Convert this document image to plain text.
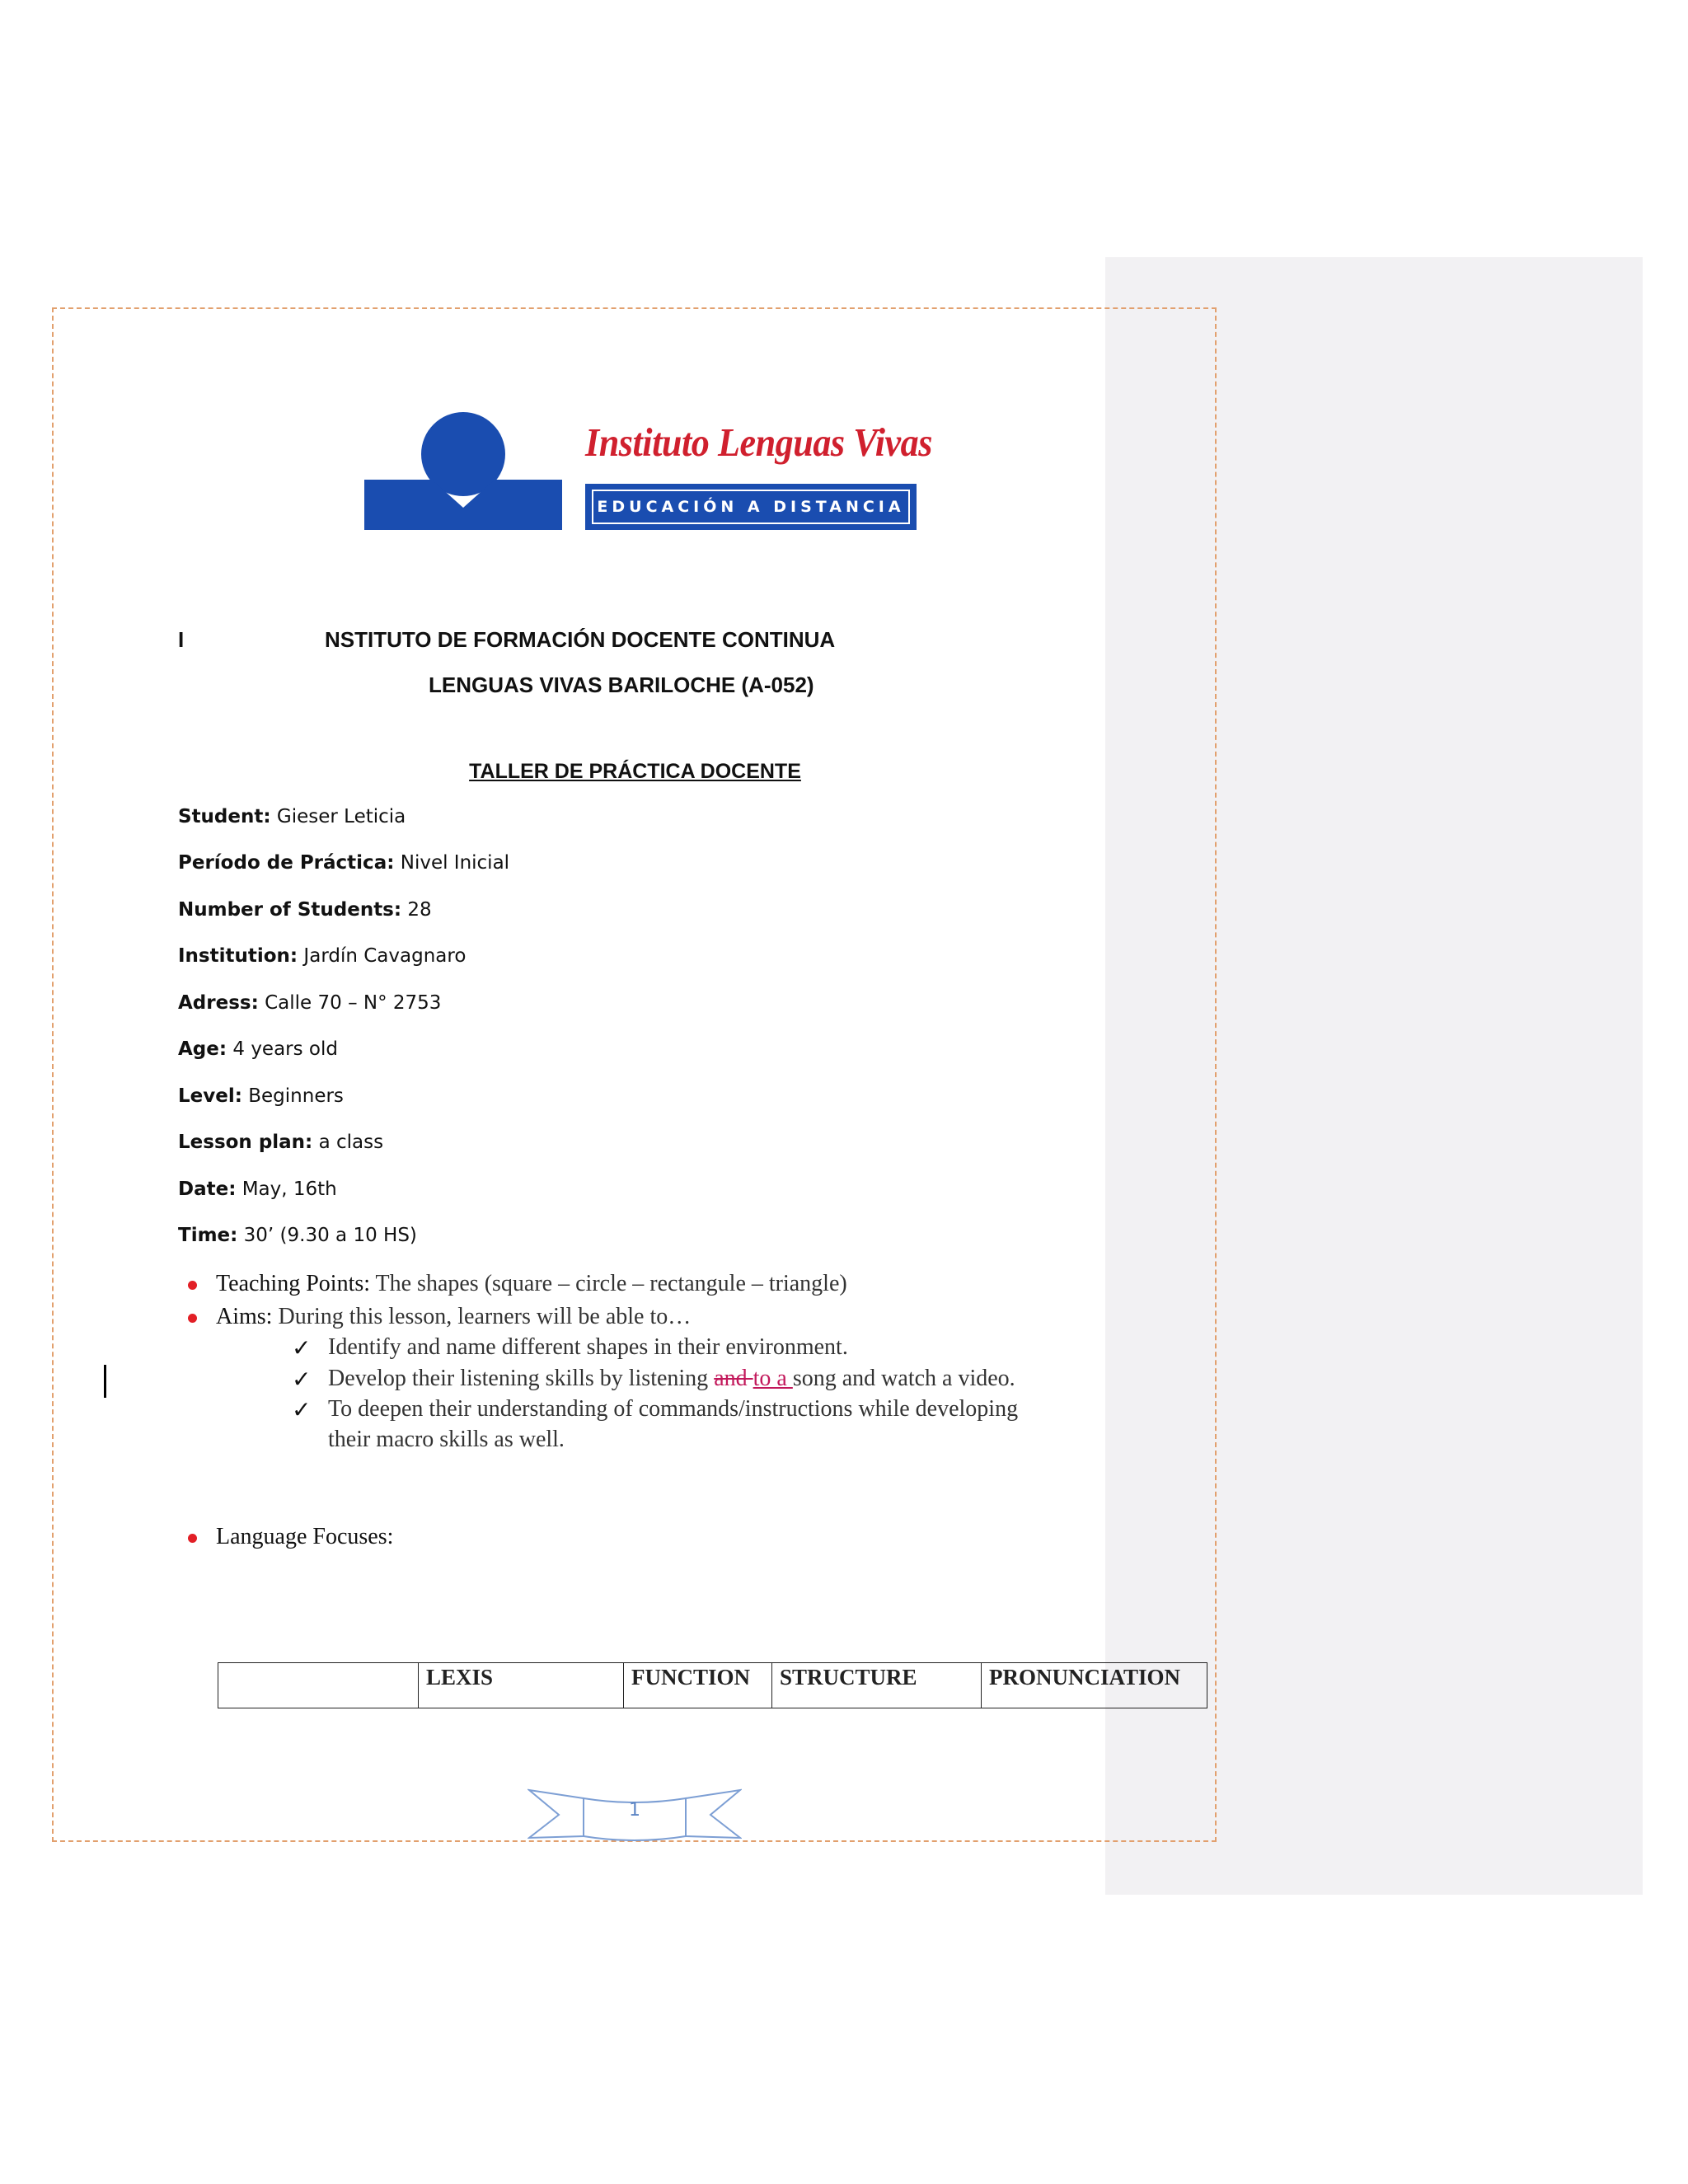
Instituto Lenguas Vivas
EDUCACIÓN A DISTANCIA
I	NSTITUTO DE FORMACIÓN DOCENTE CONTINUA
LENGUAS VIVAS BARILOCHE (A-052)
TALLER DE PRÁCTICA DOCENTE
Student: Gieser Leticia
Período de Práctica: Nivel Inicial
Number of Students: 28
Institution: Jardín Cavagnaro
Adress: Calle 70 – N° 2753
Age: 4 years old
Level: Beginners
Lesson plan: a class
Date: May, 16th
Time: 30’ (9.30 a 10 HS)
Teaching Points: The shapes (square – circle – rectangule – triangle)
Aims: During this lesson, learners will be able to…
✓ Identify and name different shapes in their environment.
✓ Develop their listening skills by listening and to a song and watch a video.
✓ To deepen their understanding of commands/instructions while developing
their macro skills as well.
Language Focuses:
	LEXIS	FUNCTION	STRUCTURE	PRONUNCIATION
1
